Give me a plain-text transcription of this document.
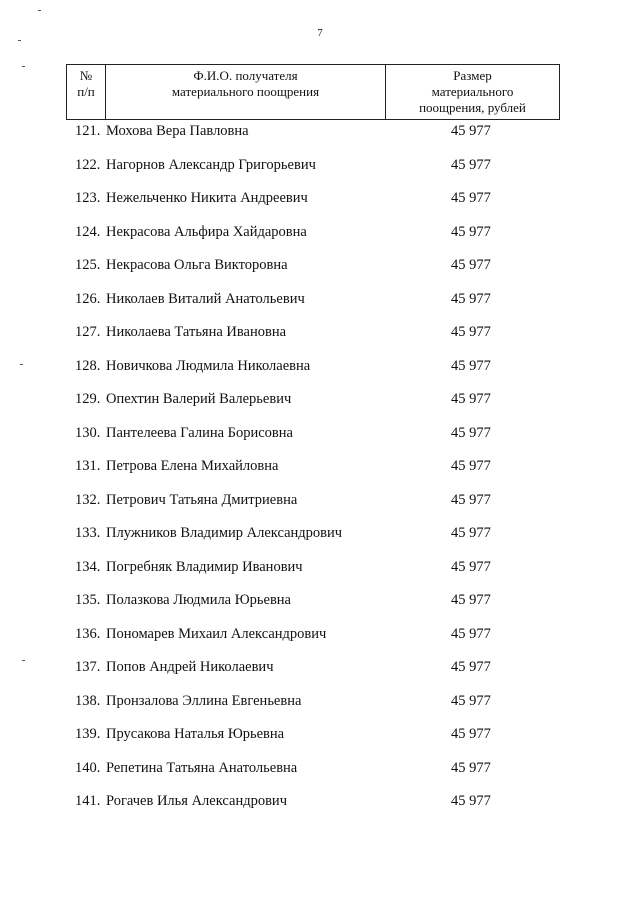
7
№
п/п
Ф.И.О. получателя
материального поощрения
Размер
материального
поощрения, рублей
121. Мохова Вера Павловна	45 977
122. Нагорнов Александр Григорьевич	45 977
123. Нежельченко Никита Андреевич	45 977
124. Некрасова Альфира Хайдаровна	45 977
125. Некрасова Ольга Викторовна	45 977
126. Николаев Виталий Анатольевич	45 977
127. Николаева Татьяна Ивановна	45 977
128. Новичкова Людмила Николаевна	45 977
129. Опехтин Валерий Валерьевич	45 977
130. Пантелеева Галина Борисовна	45 977
131. Петрова Елена Михайловна	45 977
132. Петрович Татьяна Дмитриевна	45 977
133. Плужников Владимир Александрович	45 977
134. Погребняк Владимир Иванович	45 977
135. Полазкова Людмила Юрьевна	45 977
136. Пономарев Михаил Александрович	45 977
137. Попов Андрей Николаевич	45 977
138. Пронзалова Эллина Евгеньевна	45 977
139. Прусакова Наталья Юрьевна	45 977
140. Репетина Татьяна Анатольевна	45 977
141. Рогачев Илья Александрович	45 977
